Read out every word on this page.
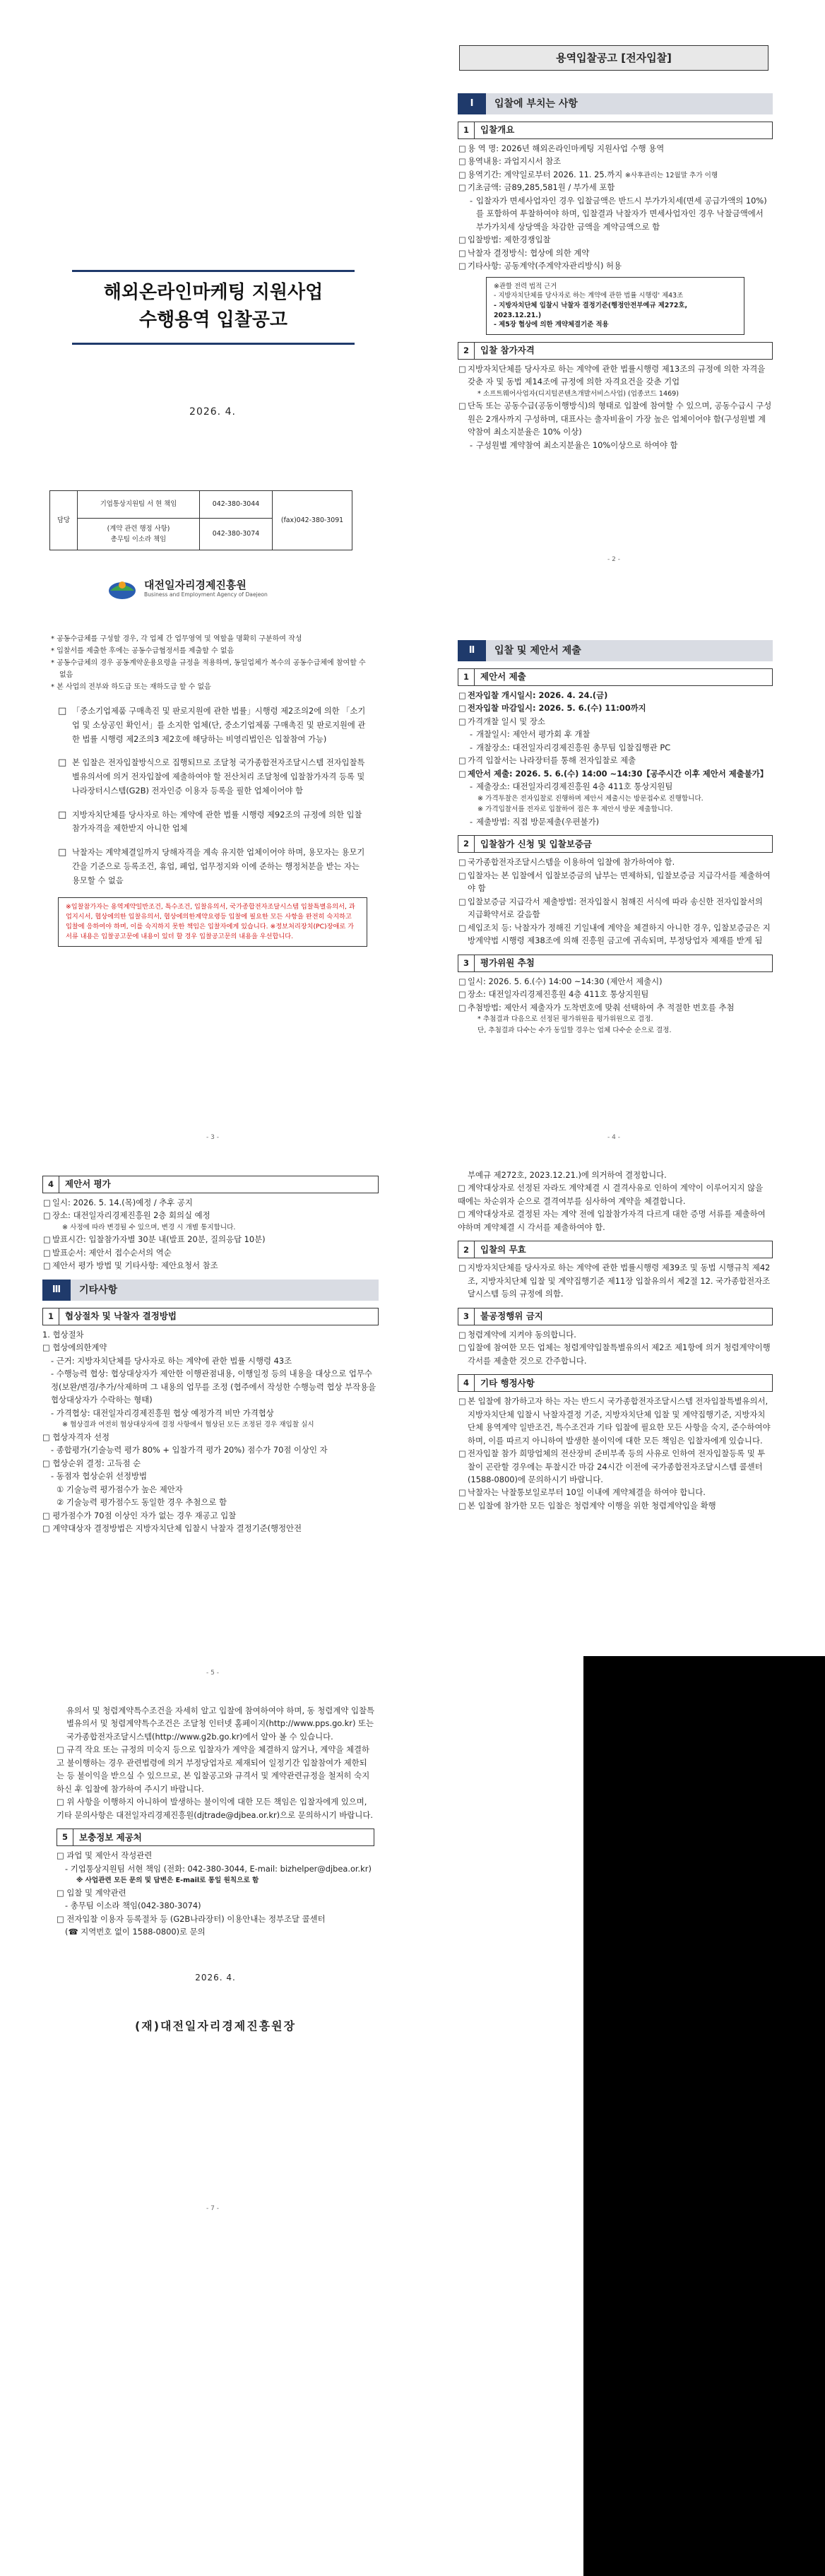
해외온라인마케팅 지원사업
수행용역 입찰공고
2026. 4.
담당	기업통상지원팀 서 현 책임	042-380-3044	(fax)042-380-3091
	(계약 관련 행정 사항)
총무팀 이소라 책임	042-380-3074	
대전일자리경제진흥원
Business and Employment Agency of Daejeon
용역입찰공고 [전자입찰]
Ⅰ	입찰에 부치는 사항
1	입찰개요
□ 용 역 명: 2026년 해외온라인마케팅 지원사업 수행 용역
□ 용역내용: 과업지시서 참조
□ 용역기간: 계약일로부터 2026. 11. 25.까지 ※사후관리는 12월말 추가 이행
□ 기초금액: 금89,285,581원 / 부가세 포함
- 입찰자가 면세사업자인 경우 입찰금액은 반드시 부가가치세(면세 공급가액의 10%)를 포함하여 투찰하여야 하며, 입찰결과 낙찰자가 면세사업자인 경우 낙찰금액에서 부가가치세 상당액을 차감한 금액을 계약금액으로 함
□ 입찰방법: 제한경쟁입찰
□ 낙찰자 결정방식: 협상에 의한 계약
□ 기타사항: 공동계약(주계약자관리방식) 허용
※관할 전력 법적 근거
- 지방자치단체를 당사자로 하는 계약에 관한 법률 시행령' 제43조
- 지방자치단체 입찰시 낙찰자 결정기준(행정안전부예규 제272호, 2023.12.21.)
- 제5장 협상에 의한 계약체결기준 적용
2	입찰 참가자격
□ 지방자치단체를 당사자로 하는 계약에 관한 법률시행령 제13조의 규정에 의한 자격을 갖춘 자 및 동법 제14조에 규정에 의한 자격요건을 갖춘 기업
* 소프트웨어사업자(디지털콘텐츠개발서비스사업) (업종코드 1469)
□ 단독 또는 공동수급(공동이행방식)의 형태로 입찰에 참여할 수 있으며, 공동수급시 구성원은 2개사까지 구성하며, 대표사는 출자비율이 가장 높은 업체이어야 함(구성원별 계약참여 최소지분율은 10% 이상)
- 구성원별 계약참여 최소지분율은 10%이상으로 하여야 함
- 2 -
* 공동수급체를 구성할 경우, 각 업체 간 업무영역 및 역할을 명확히 구분하여 작성
* 입찰서를 제출한 후에는 공동수급협정서를 제출할 수 없음
* 공동수급체의 경우 공동계약운용요령을 규정을 적용하며, 동일업체가 복수의 공동수급체에 참여할 수 없음
* 본 사업의 전부와 하도급 또는 재하도급 할 수 없음
□ 「중소기업제품 구매촉진 및 판로지원에 관한 법률」시행령 제2조의2에 의한 「소기업 및 소상공인 확인서」를 소지한 업체(단, 중소기업제품 구매촉진 및 판로지원에 관한 법률 시행령 제2조의3 제2호에 해당하는 비영리법인은 입찰참여 가능)
□ 본 입찰은 전자입찰방식으로 집행되므로 조달청 국가종합전자조달시스템 전자입찰특별유의서에 의거 전자입찰에 제출하여야 할 전산처리 조달청에 입찰참가자격 등록 및 나라장터시스템(G2B) 전자인증 이용자 등록을 필한 업체이어야 함
□ 지방자치단체를 당사자로 하는 계약에 관한 법률 시행령 제92조의 규정에 의한 입찰 참가자격을 제한받지 아니한 업체
□ 낙찰자는 계약체결일까지 당해자격을 계속 유지한 업체이어야 하며, 용모자는 용모기간을 기준으로 등록조건, 휴업, 폐업, 업무정지와 이에 준하는 행정처분을 받는 자는 용모할 수 없음
※입찰참가자는 용역계약일반조건, 특수조건, 입찰유의서, 국가종합전자조달시스템 입찰특별유의서, 과업지시서, 협상에의한 입찰유의서, 협상에의한계약요령등 입찰에 필요한 모든 사항을 완전히 숙지하고 입찰에 응하여야 하며, 이를 숙지하지 못한 책임은 입찰자에게 있습니다. ※정보처리장치(PC)장애로 가서류 내용은 입찰공고문에 내용이 있더 할 경우 입찰공고문의 내용을 우선합니다.
- 3 -
Ⅱ	입찰 및 제안서 제출
1	제안서 제출
□ 전자입찰 개시일시: 2026. 4. 24.(금)
□ 전자입찰 마감일시: 2026. 5. 6.(수) 11:00까지
□ 가격개찰 일시 및 장소
- 개찰일시: 제안서 평가회 후 개찰
- 개찰장소: 대전일자리경제진흥원 총무팀 입찰집행관 PC
□ 가격 입찰서는 나라장터를 통해 전자입찰로 제출
□ 제안서 제출: 2026. 5. 6.(수) 14:00 ~14:30【공주시간 이후 제안서 제출불가】
- 제출장소: 대전일자리경제진흥원 4층 411호 통상지원팀
※ 가격투찰은 전자입찰로 진행하며 제안서 제출시는 방문접수로 진행합니다.
※ 가격입찰서를 전자로 입찰하여 접은 후 제안서 방문 제출합니다.
- 제출방법: 직접 방문제출(우편불가)
2	입찰참가 신청 및 입찰보증금
□ 국가종합전자조달시스템을 이용하여 입찰에 참가하여야 함.
□ 입찰자는 본 입찰에서 입찰보증금의 납부는 면제하되, 입찰보증금 지급각서를 제출하여야 함
□ 입찰보증금 지급각서 제출방법: 전자입찰시 첨해진 서식에 따라 송신한 전자입찰서의 지급확약서로 갈음함
□ 세입조치 등: 낙찰자가 정해진 기일내에 계약을 체결하지 아니한 경우, 입찰보증금은 지방계약법 시행령 제38조에 의해 진흥원 금고에 귀속되며, 부정당업자 제재를 받게 됨
3	평가위원 추첨
□ 일시: 2026. 5. 6.(수) 14:00 ~14:30 (제안서 제출시)
□ 장소: 대전일자리경제진흥원 4층 411호 통상지원팀
□ 추첨방법: 제안서 제출자가 도착번호에 맞춰 선택하여 추 적절한 번호를 추첨
* 추첨결과 다음으로 선정된 평가위원을 평가위원으로 결정.
단, 추첨결과 다수는 수가 동일할 경우는 업체 다수순 순으로 결정.
- 4 -
4	제안서 평가
□ 일시: 2026. 5. 14.(목)예정 / 추후 공지
□ 장소: 대전일자리경제진흥원 2층 회의실 예정
※ 사정에 따라 변경될 수 있으며, 변경 시 개별 통지합니다.
□ 발표시간: 입찰참가자별 30분 내(발표 20분, 질의응답 10분)
□ 발표순서: 제안서 접수순서의 역순
□ 제안서 평가 방법 및 기타사항: 제안요청서 참조
Ⅲ	기타사항
1	협상절차 및 낙찰자 결정방법
1. 협상절차
□ 협상에의한계약
- 근거: 지방자치단체를 당사자로 하는 계약에 관한 법률 시행령 43조
- 수행능력 협상: 협상대상자가 제안한 이행관점내용, 이행일정 등의 내용을 대상으로 업무수정(보완/변경/추가/삭제하며 그 내용의 업무를 조정 (협주에서 작성한 수행능력 협상 부작용을 협상대상자가 수락하는 형태)
- 가격협상: 대전일자리경제진흥원 협상 예정가격 비만 가격협상
※ 협상결과 여전히 협상대상자에 결정 사항에서 협상된 모든 조정된 경우 재입찰 실시
□ 협상자격자 선정
- 종합평가(기술능력 평가 80% + 입찰가격 평가 20%) 점수가 70점 이상인 자
□ 협상순위 결정: 고득점 순
- 동점자 협상순위 선정방법
① 기술능력 평가점수가 높은 제안자
② 기술능력 평가점수도 동일한 경우 추첨으로 함
□ 평가점수가 70점 이상인 자가 없는 경우 재공고 입찰
□ 계약대상자 결정방법은 지방자치단체 입찰시 낙찰자 결정기준(행정안전
- 5 -
부예규 제272호, 2023.12.21.)에 의거하여 결정합니다.
□ 계약대상자로 선정된 자라도 계약체결 시 결격사유로 인하여 계약이 이루어지지 않을 때에는 차순위자 순으로 결격여부를 심사하여 계약을 체결합니다.
□ 계약대상자로 결정된 자는 계약 전에 입찰참가자격 다르게 대한 증명 서류를 제출하여야하며 계약체결 시 각서를 제출하여야 함.
2	입찰의 무효
□ 지방자치단체를 당사자로 하는 계약에 관한 법률시행령 제39조 및 동법 시행규칙 제42조, 지방자치단체 입찰 및 계약집행기준 제11장 입찰유의서 제2절 12. 국가종합전자조달시스템 등의 규정에 의함.
3	불공정행위 금지
□ 청렴계약에 지켜야 동의합니다.
□ 입찰에 참여한 모든 업체는 청렴계약입찰특별유의서 제2조 제1항에 의거 청렴계약이행각서를 제출한 것으로 간주합니다.
4	기타 행정사항
□ 본 입찰에 참가하고자 하는 자는 반드시 국가종합전자조달시스템 전자입찰특별유의서, 지방자치단체 입찰시 낙찰자결정 기준, 지방자치단체 입찰 및 계약집행기준, 지방자치단체 용역계약 일반조건, 특수조건과 기타 입찰에 필요한 모든 사항을 숙지, 준수하여야 하며, 이를 따르지 아니하여 발생한 불이익에 대한 모든 책임은 입찰자에게 있습니다.
□ 전자입찰 참가 희망업체의 전산장비 준비부족 등의 사유로 인하여 전자입찰등록 및 투찰이 곤란할 경우에는 투찰시간 마감 24시간 이전에 국가종합전자조달시스템 콜센터(1588-0800)에 문의하시기 바랍니다.
□ 낙찰자는 낙찰통보일로부터 10일 이내에 계약체결을 하여야 합니다.
□ 본 입찰에 참가한 모든 입찰은 청렴계약 이행을 위한 청렴계약입을 확행
유의서 및 청렴계약특수조건을 자세히 알고 입찰에 참여하여야 하며, 동 청렴계약 입찰특별유의서 및 청렴계약특수조건은 조달청 인터넷 홈페이지(http://www.pps.go.kr) 또는 국가종합전자조달시스템(http://www.g2b.go.kr)에서 알아 볼 수 있습니다.
□ 규격 작요 또는 규정의 미숙지 등으로 입찰자가 계약을 체결하지 않거나, 계약을 체결하고 불이행하는 경우 관련법령에 의거 부정당업자로 제재되어 일정기간 입찰참여가 제한되는 등 불이익을 받으실 수 있으므로, 본 입찰공고와 규격서 및 계약관련규정을 철저히 숙지하신 후 입찰에 참가하여 주시기 바랍니다.
□ 위 사항을 이행하지 아니하여 발생하는 불이익에 대한 모든 책임은 입찰자에게 있으며, 기타 문의사항은 대전일자리경제진흥원(djtrade@djbea.or.kr)으로 문의하시기 바랍니다.
5	보충정보 제공처
□ 과업 및 제안서 작성관련
- 기업통상지원팀 서현 책임 (전화: 042-380-3044, E-mail: bizhelper@djbea.or.kr)
※ 사업관련 모든 문의 및 답변은 E-mail로 통일 원칙으로 함
□ 입찰 및 계약관련
- 총무팀 이소라 책임(042-380-3074)
□ 전자입찰 이용자 등록절차 등 (G2B나라장터) 이용안내는 정부조달 콜센터
(☎ 지역번호 없이 1588-0800)로 문의
2026. 4.
(재)대전일자리경제진흥원장
- 7 -
